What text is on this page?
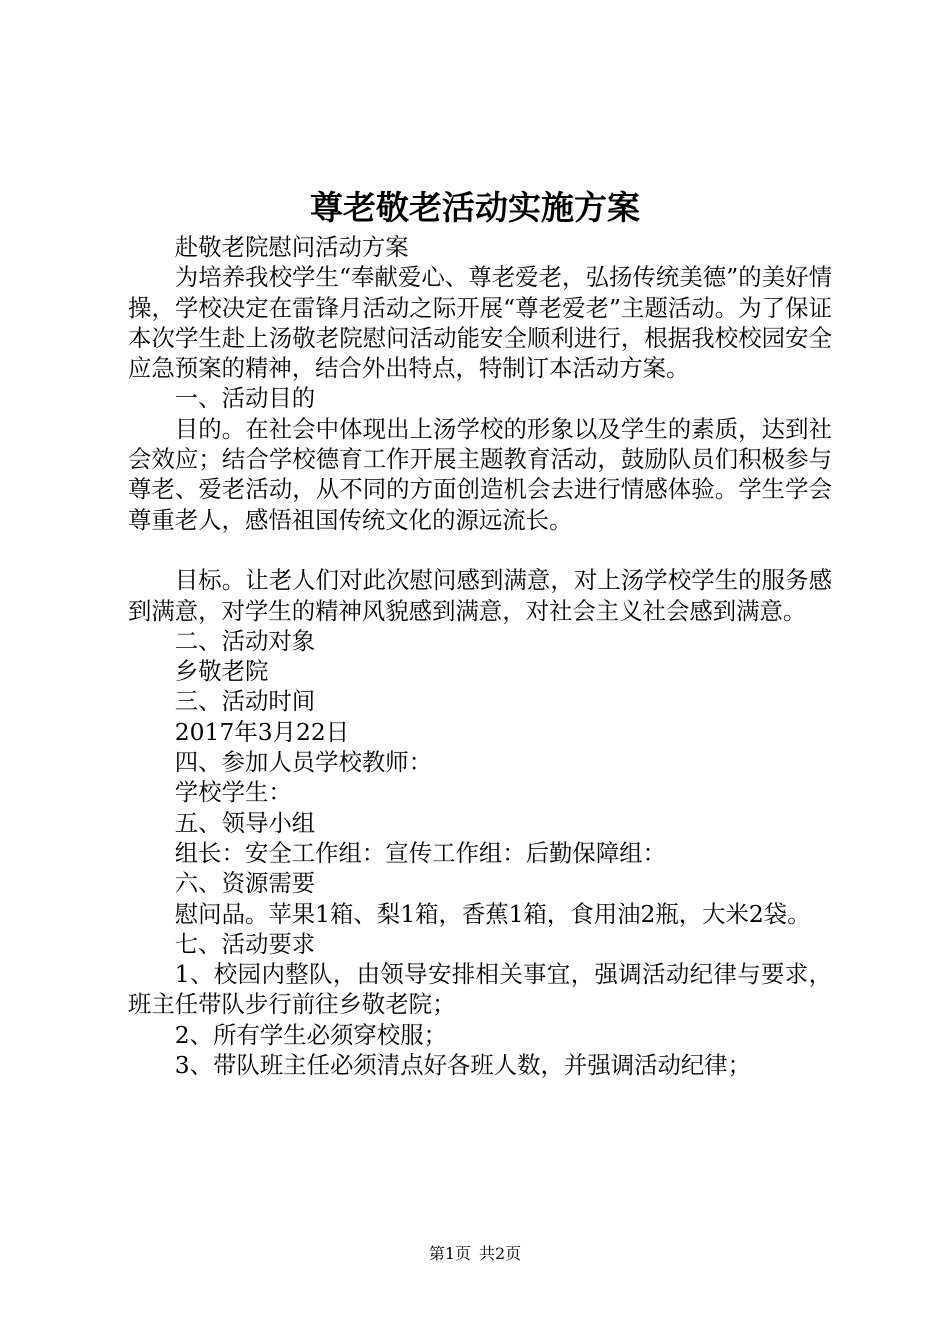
尊老敬老活动实施方案

赴敬老院慰问活动方案

为培养我校学生“奉献爱心、尊老爱老，弘扬传统美德”的美好情操，学校决定在雷锋月活动之际开展“尊老爱老”主题活动。为了保证本次学生赴上汤敬老院慰问活动能安全顺利进行，根据我校校园安全应急预案的精神，结合外出特点，特制订本活动方案。

一、活动目的

目的。在社会中体现出上汤学校的形象以及学生的素质，达到社会效应；结合学校德育工作开展主题教育活动，鼓励队员们积极参与尊老、爱老活动，从不同的方面创造机会去进行情感体验。学生学会尊重老人，感悟祖国传统文化的源远流长。

目标。让老人们对此次慰问感到满意，对上汤学校学生的服务感到满意，对学生的精神风貌感到满意，对社会主义社会感到满意。

二、活动对象

乡敬老院

三、活动时间

2017年3月22日

四、参加人员学校教师：

学校学生：

五、领导小组

组长：安全工作组：宣传工作组：后勤保障组：

六、资源需要

慰问品。苹果1箱、梨1箱，香蕉1箱，食用油2瓶，大米2袋。

七、活动要求

1、校园内整队，由领导安排相关事宜，强调活动纪律与要求，班主任带队步行前往乡敬老院；

2、所有学生必须穿校服；

3、带队班主任必须清点好各班人数，并强调活动纪律；

第1页 共2页
